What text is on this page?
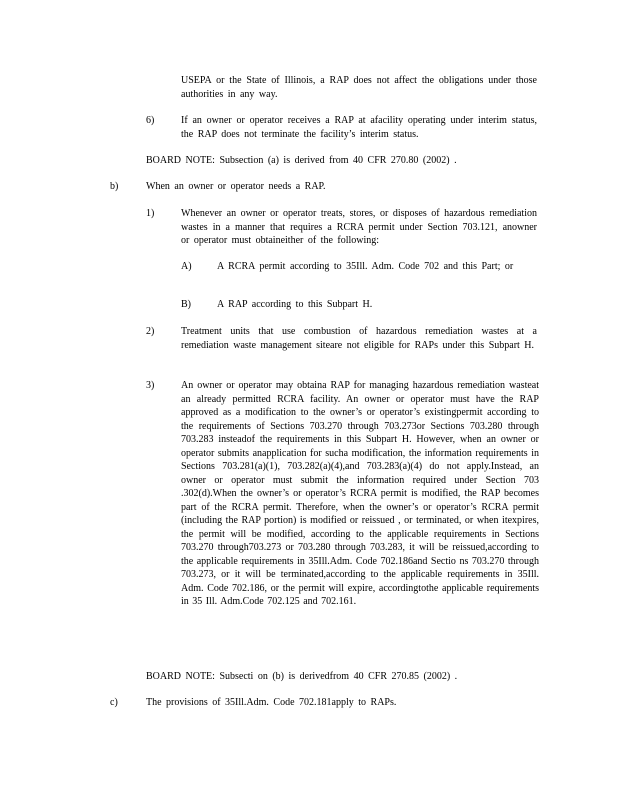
USEPA or the State of Illinois, a RAP does not affect the obligations under those authorities in any way.
6)	If an owner or operator receives a RAP at afacility operating under interim status, the RAP does not terminate the facility’s interim status.
BOARD NOTE: Subsection (a) is derived from 40 CFR 270.80 (2002) .
b)	When an owner or operator needs a RAP.
1)	Whenever an owner or operator treats, stores, or disposes of hazardous remediation wastes in a manner that requires a RCRA permit under Section 703.121, anowner or operator must obtaineither of the following:
A)	A RCRA permit according to 35Ill. Adm. Code 702 and this Part; or
B)	A RAP according to this Subpart H.
2)	Treatment units that use combustion of hazardous remediation wastes at a remediation waste management siteare not eligible for RAPs under this Subpart H.
3)	An owner or operator may obtaina RAP for managing hazardous remediation wasteat an already permitted RCRA facility. An owner or operator must have the RAP approved as a modification to the owner’s or operator’s existingpermit according to the requirements of Sections 703.270 through 703.273or Sections 703.280 through 703.283 insteadof the requirements in this Subpart H. However, when an owner or operator submits anapplication for sucha modification, the information requirements in Sections 703.281(a)(1), 703.282(a)(4),and 703.283(a)(4) do not apply.Instead, an owner or operator must submit the information required under Section 703 .302(d).When the owner’s or operator’s RCRA permit is modified, the RAP becomes part of the RCRA permit. Therefore, when the owner’s or operator’s RCRA permit (including the RAP portion) is modified or reissued , or terminated, or when itexpires, the permit will be modified, according to the applicable requirements in Sections 703.270 through703.273 or 703.280 through 703.283, it will be reissued,according to the applicable requirements in 35Ill.Adm. Code 702.186and Sectio ns 703.270 through 703.273, or it will be terminated,according to the applicable requirements in 35Ill. Adm. Code 702.186, or the permit will expire, accordingtothe applicable requirements in 35 Ill. Adm.Code 702.125 and 702.161.
BOARD NOTE: Subsecti on (b) is derivedfrom 40 CFR 270.85 (2002) .
c)	The provisions of 35Ill.Adm. Code 702.181apply to RAPs.
